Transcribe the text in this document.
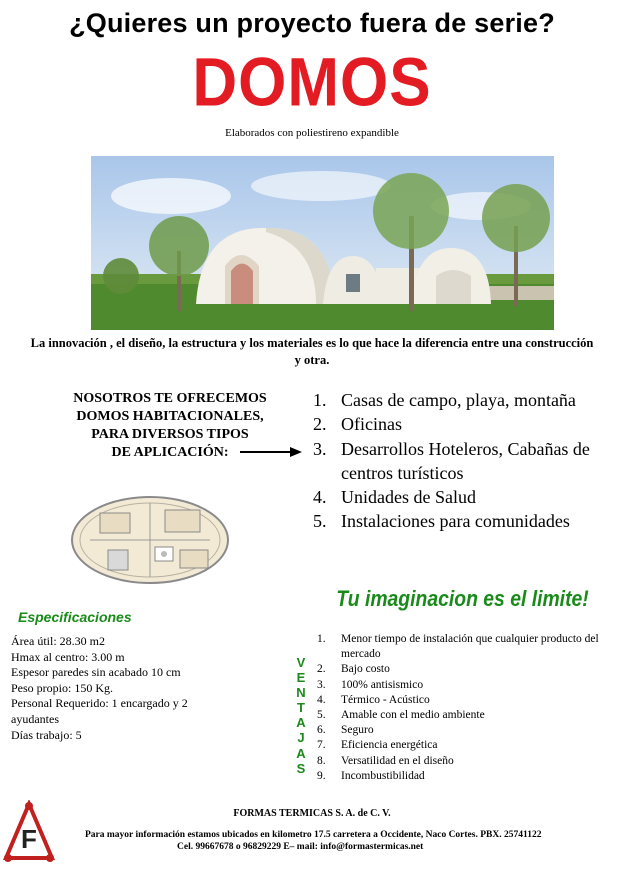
¿Quieres un proyecto fuera de serie?
DOMOS
Elaborados con poliestireno expandible
La innovación , el diseño, la estructura y los materiales es lo que hace la diferencia entre una construcción y otra.
NOSOTROS TE OFRECEMOS
DOMOS HABITACIONALES,
PARA DIVERSOS TIPOS
DE APLICACIÓN:
1. Casas de campo, playa, montaña
2. Oficinas
3. Desarrollos Hoteleros, Cabañas de centros turísticos
4. Unidades de Salud
5. Instalaciones para comunidades
Tu imaginacion es el limite!
Especificaciones
Área útil: 28.30 m2
Hmax al centro: 3.00 m
Espesor paredes sin acabado 10 cm
Peso propio: 150 Kg.
Personal Requerido: 1 encargado y 2 ayudantes
Días trabajo: 5
V
E
N
T
A
J
A
S
1.	Menor tiempo de instalación que cualquier producto del mercado
2.	Bajo costo
3.	100% antisismico
4.	Térmico - Acústico
5.	Amable con el medio ambiente
6.	Seguro
7.	Eficiencia energética
8.	Versatilidad en el diseño
9.	Incombustibilidad
F
FORMAS TERMICAS S. A. de C. V.
Para mayor información estamos ubicados en kilometro 17.5 carretera a Occidente, Naco Cortes. PBX. 25741122
Cel. 99667678 o 96829229 E– mail: info@formastermicas.net
